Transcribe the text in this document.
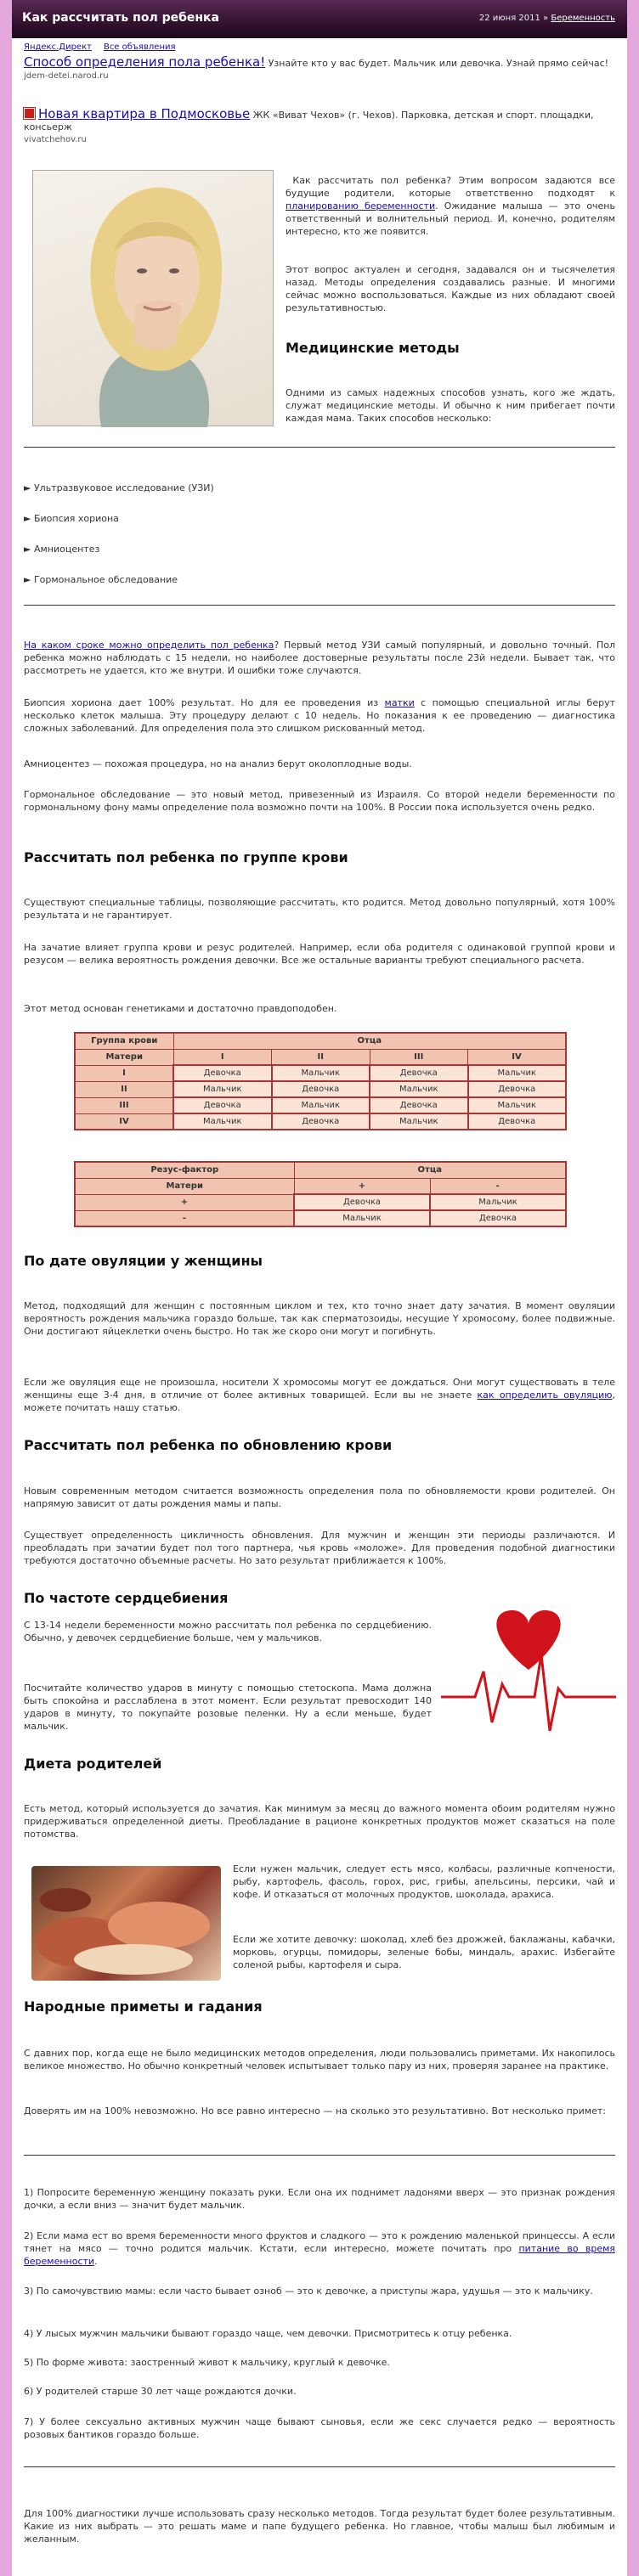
Как рассчитать пол ребенка	22 июня 2011 » Беременность
Яндекс.Директ Все объявления
Способ определения пола ребенка! Узнайте кто у вас будет. Мальчик или девочка. Узнай прямо сейчас!
jdem-detei.narod.ru
Новая квартира в Подмосковье ЖК «Виват Чехов» (г. Чехов). Парковка, детская и спорт. площадки, консьерж
vivatchehov.ru
Как рассчитать пол ребенка? Этим вопросом задаются все будущие родители, которые ответственно подходят к планированию беременности. Ожидание малыша — это очень ответственный и волнительный период. И, конечно, родителям интересно, кто же появится.
Этот вопрос актуален и сегодня, задавался он и тысячелетия назад. Методы определения создавались разные. И многими сейчас можно воспользоваться. Каждые из них обладают своей результативностью.
Медицинские методы
Одними из самых надежных способов узнать, кого же ждать, служат медицинские методы. И обычно к ним прибегает почти каждая мама. Таких способов несколько:
► Ультразвуковое исследование (УЗИ)
► Биопсия хориона
► Амниоцентез
► Гормональное обследование
На каком сроке можно определить пол ребенка? Первый метод УЗИ самый популярный, и довольно точный. Пол ребенка можно наблюдать с 15 недели, но наиболее достоверные результаты после 23й недели. Бывает так, что рассмотреть не удается, кто же внутри. И ошибки тоже случаются.
Биопсия хориона дает 100% результат. Но для ее проведения из матки с помощью специальной иглы берут несколько клеток малыша. Эту процедуру делают с 10 недель. Но показания к ее проведению — диагностика сложных заболеваний. Для определения пола это слишком рискованный метод.
Амниоцентез — похожая процедура, но на анализ берут околоплодные воды.
Гормональное обследование — это новый метод, привезенный из Израиля. Со второй недели беременности по гормональному фону мамы определение пола возможно почти на 100%. В России пока используется очень редко.
Рассчитать пол ребенка по группе крови
Существуют специальные таблицы, позволяющие рассчитать, кто родится. Метод довольно популярный, хотя 100% результата и не гарантирует.
На зачатие влияет группа крови и резус родителей. Например, если оба родителя с одинаковой группой крови и резусом — велика вероятность рождения девочки. Все же остальные варианты требуют специального расчета.
Этот метод основан генетиками и достаточно правдоподобен.
Группа крови	Отца			
Матери	I	II	III	IV
I	Девочка	Мальчик	Девочка	Мальчик
II	Мальчик	Девочка	Мальчик	Девочка
III	Девочка	Мальчик	Девочка	Мальчик
IV	Мальчик	Девочка	Мальчик	Девочка
Резус-фактор	Отца	
Матери	+	-
+	Девочка	Мальчик
-	Мальчик	Девочка
По дате овуляции у женщины
Метод, подходящий для женщин с постоянным циклом и тех, кто точно знает дату зачатия. В момент овуляции вероятность рождения мальчика гораздо больше, так как сперматозоиды, несущие Y хромосому, более подвижные. Они достигают яйцеклетки очень быстро. Но так же скоро они могут и погибнуть.
Если же овуляция еще не произошла, носители X хромосомы могут ее дождаться. Они могут существовать в теле женщины еще 3-4 дня, в отличие от более активных товарищей. Если вы не знаете как определить овуляцию, можете почитать нашу статью.
Рассчитать пол ребенка по обновлению крови
Новым современным методом считается возможность определения пола по обновляемости крови родителей. Он напрямую зависит от даты рождения мамы и папы.
Существует определенность цикличность обновления. Для мужчин и женщин эти периоды различаются. И преобладать при зачатии будет пол того партнера, чья кровь «моложе». Для проведения подобной диагностики требуются достаточно объемные расчеты. Но зато результат приближается к 100%.
По частоте сердцебиения
С 13-14 недели беременности можно рассчитать пол ребенка по сердцебиению. Обычно, у девочек сердцебиение больше, чем у мальчиков.
Посчитайте количество ударов в минуту с помощью стетоскопа. Мама должна быть спокойна и расслаблена в этот момент. Если результат превосходит 140 ударов в минуту, то покупайте розовые пеленки. Ну а если меньше, будет мальчик.
Диета родителей
Есть метод, который используется до зачатия. Как минимум за месяц до важного момента обоим родителям нужно придерживаться определенной диеты. Преобладание в рационе конкретных продуктов может сказаться на поле потомства.
Если нужен мальчик, следует есть мясо, колбасы, различные копчености, рыбу, картофель, фасоль, горох, рис, грибы, апельсины, персики, чай и кофе. И отказаться от молочных продуктов, шоколада, арахиса.
Если же хотите девочку: шоколад, хлеб без дрожжей, баклажаны, кабачки, морковь, огурцы, помидоры, зеленые бобы, миндаль, арахис. Избегайте соленой рыбы, картофеля и сыра.
Народные приметы и гадания
С давних пор, когда еще не было медицинских методов определения, люди пользовались приметами. Их накопилось великое множество. Но обычно конкретный человек испытывает только пару из них, проверяя заранее на практике.
Доверять им на 100% невозможно. Но все равно интересно — на сколько это результативно. Вот несколько примет:
1) Попросите беременную женщину показать руки. Если она их поднимет ладонями вверх — это признак рождения дочки, а если вниз — значит будет мальчик.
2) Если мама ест во время беременности много фруктов и сладкого — это к рождению маленькой принцессы. А если тянет на мясо — точно родится мальчик. Кстати, если интересно, можете почитать про питание во время беременности.
3) По самочувствию мамы: если часто бывает озноб — это к девочке, а приступы жара, удушья — это к мальчику.
4) У лысых мужчин мальчики бывают гораздо чаще, чем девочки. Присмотритесь к отцу ребенка.
5) По форме живота: заостренный живот к мальчику, круглый к девочке.
6) У родителей старше 30 лет чаще рождаются дочки.
7) У более сексуально активных мужчин чаще бывают сыновья, если же секс случается редко — вероятность розовых бантиков гораздо больше.
Для 100% диагностики лучше использовать сразу несколько методов. Тогда результат будет более результативным. Какие из них выбрать — это решать маме и папе будущего ребенка. Но главное, чтобы малыш был любимым и желанным.
